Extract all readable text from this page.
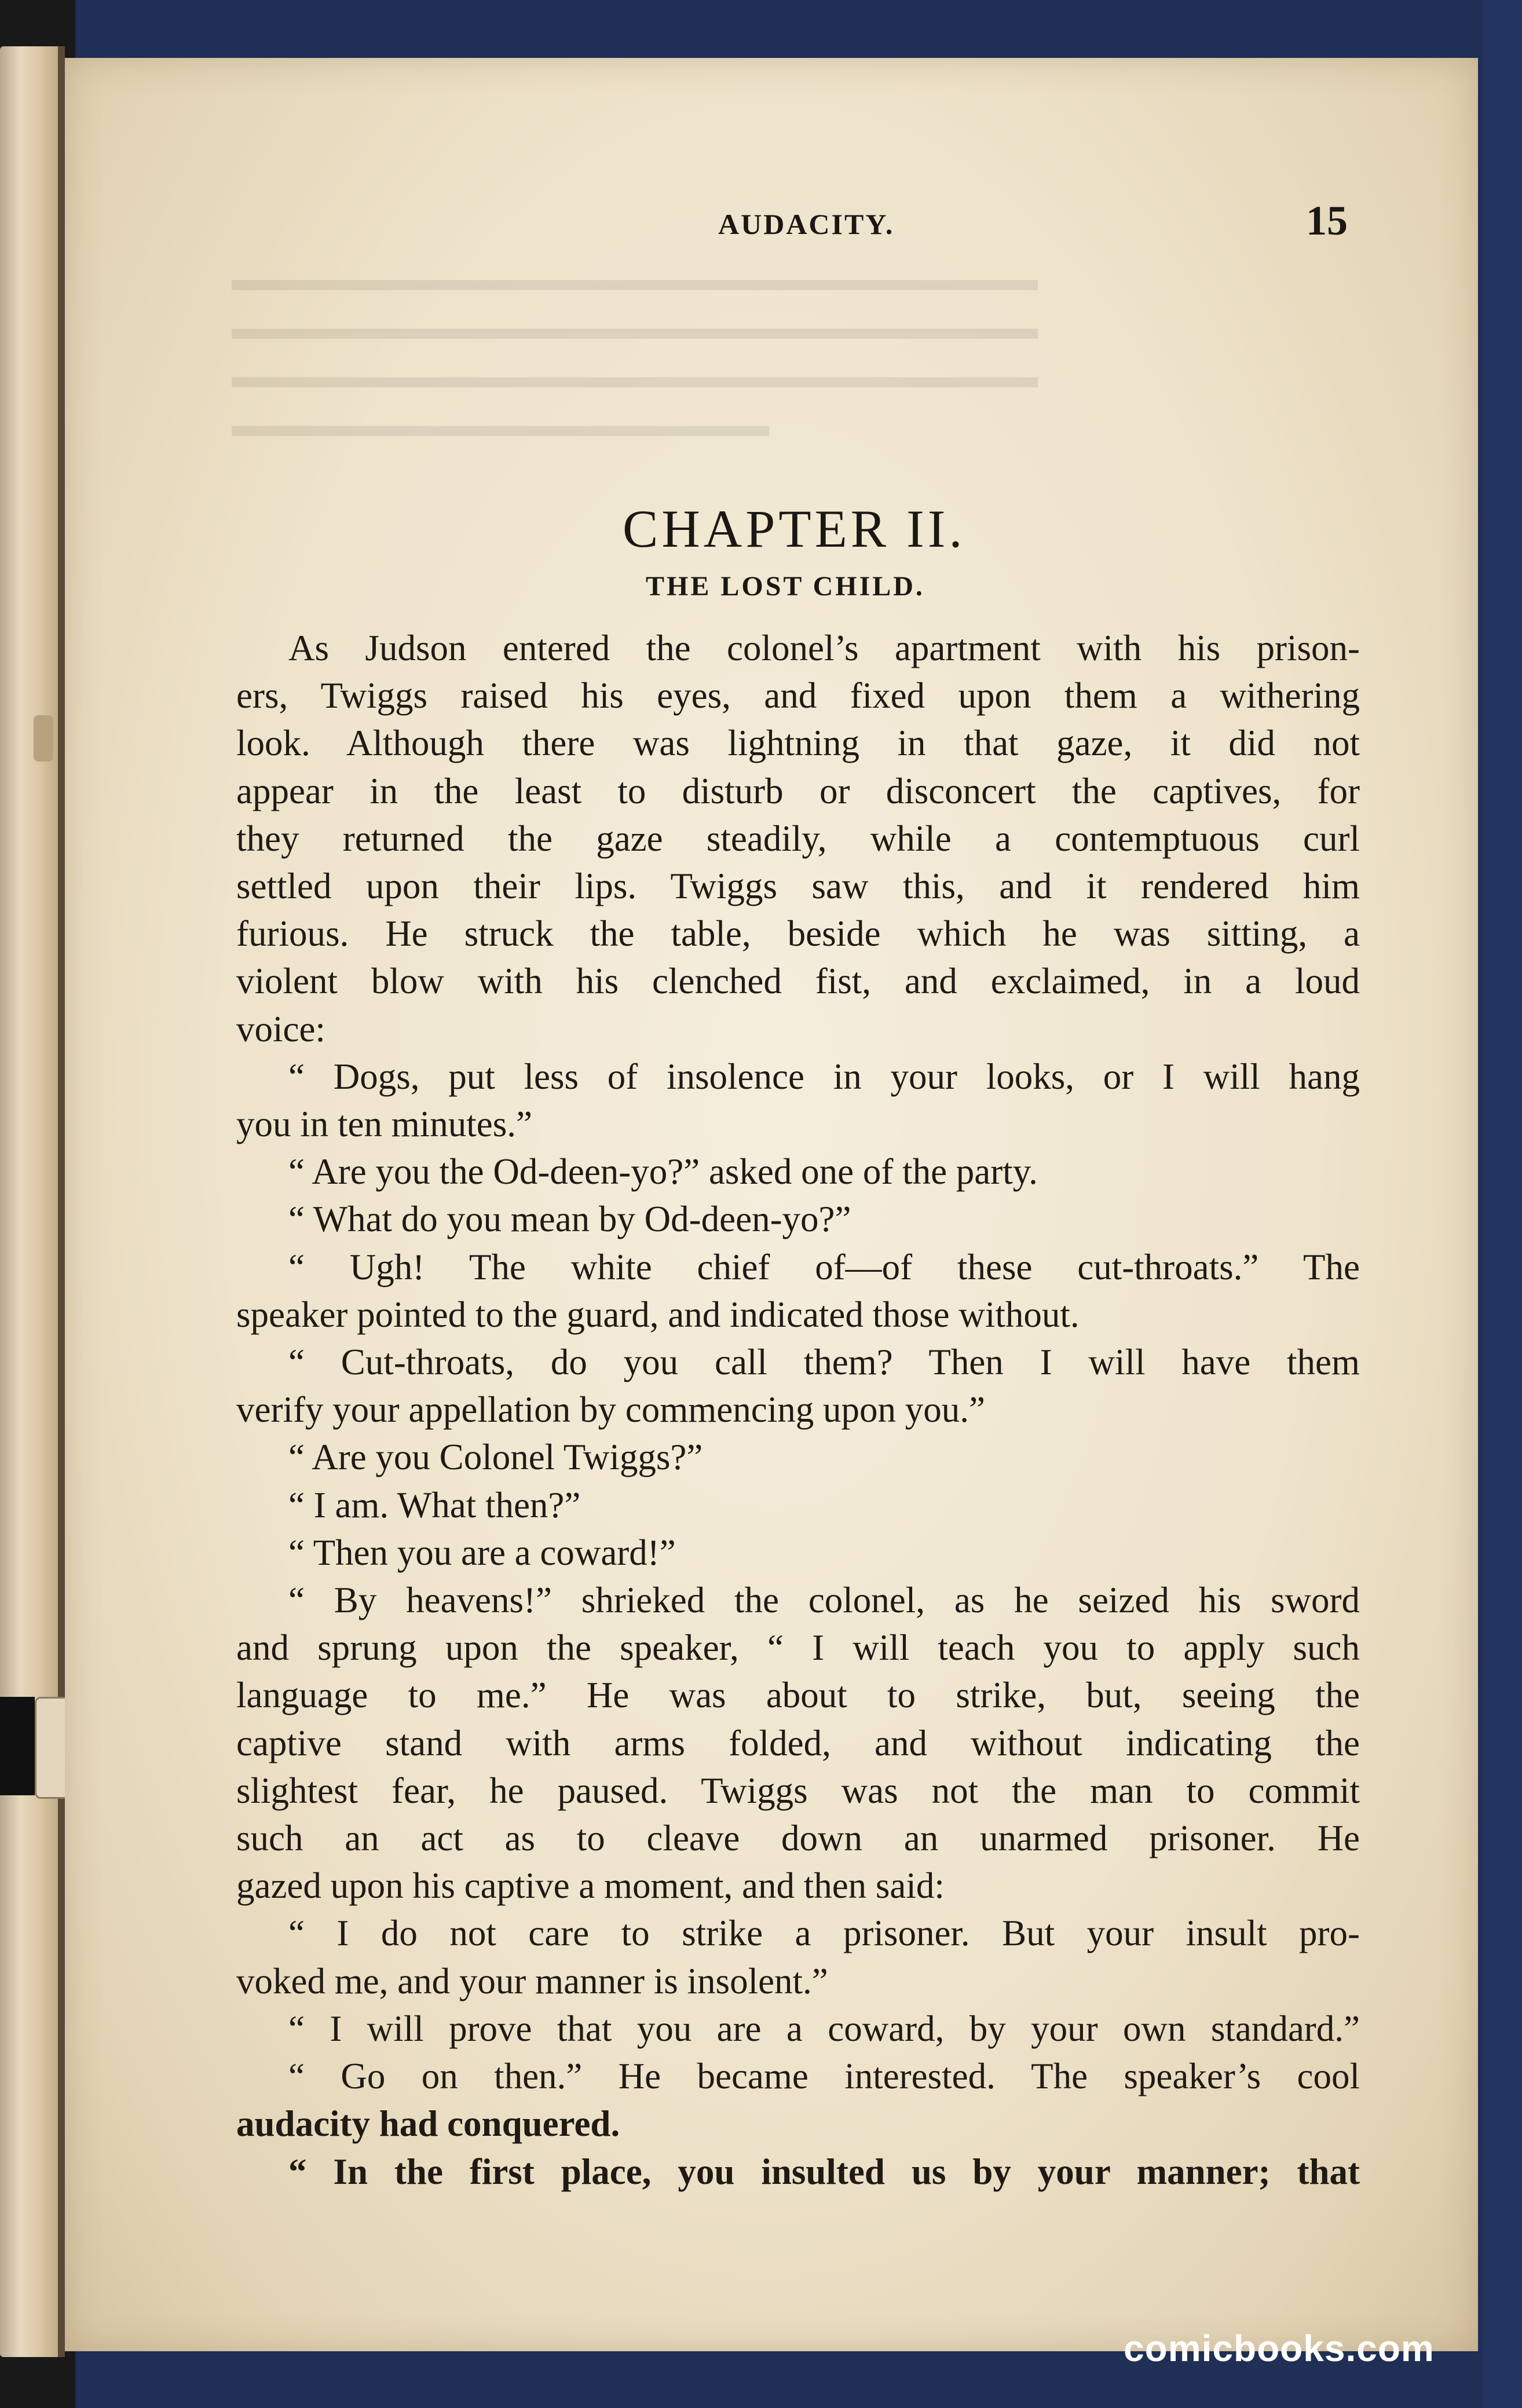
▬▬▬▬▬▬▬▬▬▬▬▬▬▬▬▬▬▬▬▬▬▬▬▬
▬▬▬▬▬▬▬▬▬▬▬▬▬▬▬▬▬▬▬▬▬▬▬▬
▬▬▬▬▬▬▬▬▬▬▬▬▬▬▬▬▬▬▬▬▬▬▬▬
▬▬▬▬▬▬▬▬▬▬▬▬▬▬▬▬
AUDACITY.	15
CHAPTER II.
THE LOST CHILD.

As Judson entered the colonel’s apartment with his prison-

ers, Twiggs raised his eyes, and fixed upon them a withering

look. Although there was lightning in that gaze, it did not

appear in the least to disturb or disconcert the captives, for

they returned the gaze steadily, while a contemptuous curl

settled upon their lips. Twiggs saw this, and it rendered him

furious. He struck the table, beside which he was sitting, a

violent blow with his clenched fist, and exclaimed, in a loud

voice:

“ Dogs, put less of insolence in your looks, or I will hang

you in ten minutes.”

“ Are you the Od-deen-yo?” asked one of the party.

“ What do you mean by Od-deen-yo?”

“ Ugh! The white chief of—of these cut-throats.” The

speaker pointed to the guard, and indicated those without.

“ Cut-throats, do you call them? Then I will have them

verify your appellation by commencing upon you.”

“ Are you Colonel Twiggs?”

“ I am. What then?”

“ Then you are a coward!”

“ By heavens!” shrieked the colonel, as he seized his sword

and sprung upon the speaker, “ I will teach you to apply such

language to me.” He was about to strike, but, seeing the

captive stand with arms folded, and without indicating the

slightest fear, he paused. Twiggs was not the man to commit

such an act as to cleave down an unarmed prisoner. He

gazed upon his captive a moment, and then said:

“ I do not care to strike a prisoner. But your insult pro-

voked me, and your manner is insolent.”

“ I will prove that you are a coward, by your own standard.”

“ Go on then.” He became interested. The speaker’s cool

audacity had conquered.

“ In the first place, you insulted us by your manner; that

comicbooks.com
